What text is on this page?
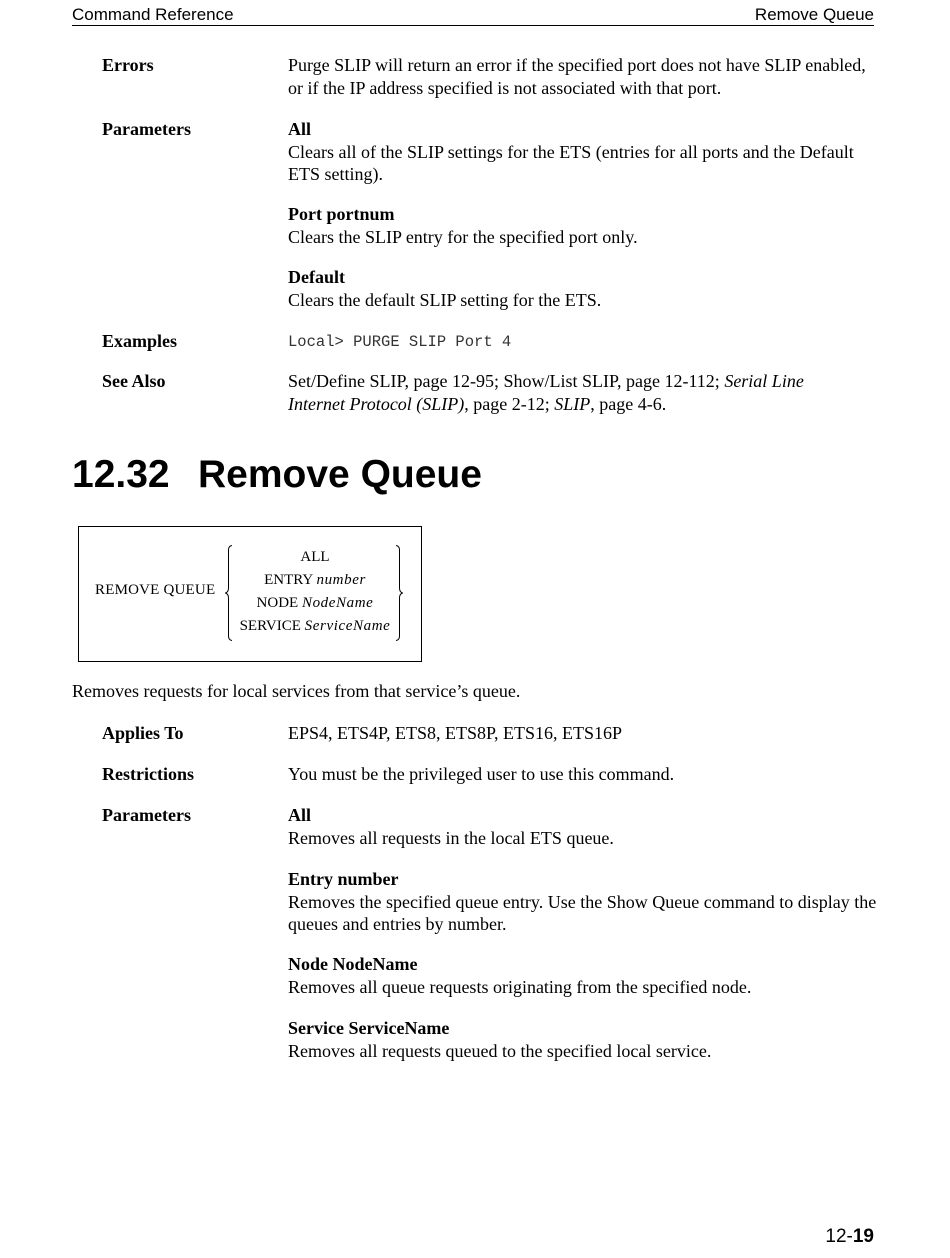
Command Reference	Remove Queue
Errors	Purge SLIP will return an error if the specified port does not have SLIP enabled, or if the IP address specified is not associated with that port.
Parameters	All
Clears all of the SLIP settings for the ETS (entries for all ports and the Default ETS setting).
Port portnum
Clears the SLIP entry for the specified port only.
Default
Clears the default SLIP setting for the ETS.
Examples	Local> PURGE SLIP Port 4
See Also	Set/Define SLIP, page 12-95; Show/List SLIP, page 12-112; Serial Line Internet Protocol (SLIP), page 2-12; SLIP, page 4-6.
12.32 Remove Queue
REMOVE QUEUE
ALL
ENTRY number
NODE NodeName
SERVICE ServiceName
Removes requests for local services from that service’s queue.
Applies To	EPS4, ETS4P, ETS8, ETS8P, ETS16, ETS16P
Restrictions	You must be the privileged user to use this command.
Parameters	All
Removes all requests in the local ETS queue.
Entry number
Removes the specified queue entry. Use the Show Queue command to display the queues and entries by number.
Node NodeName
Removes all queue requests originating from the specified node.
Service ServiceName
Removes all requests queued to the specified local service.
12-19
